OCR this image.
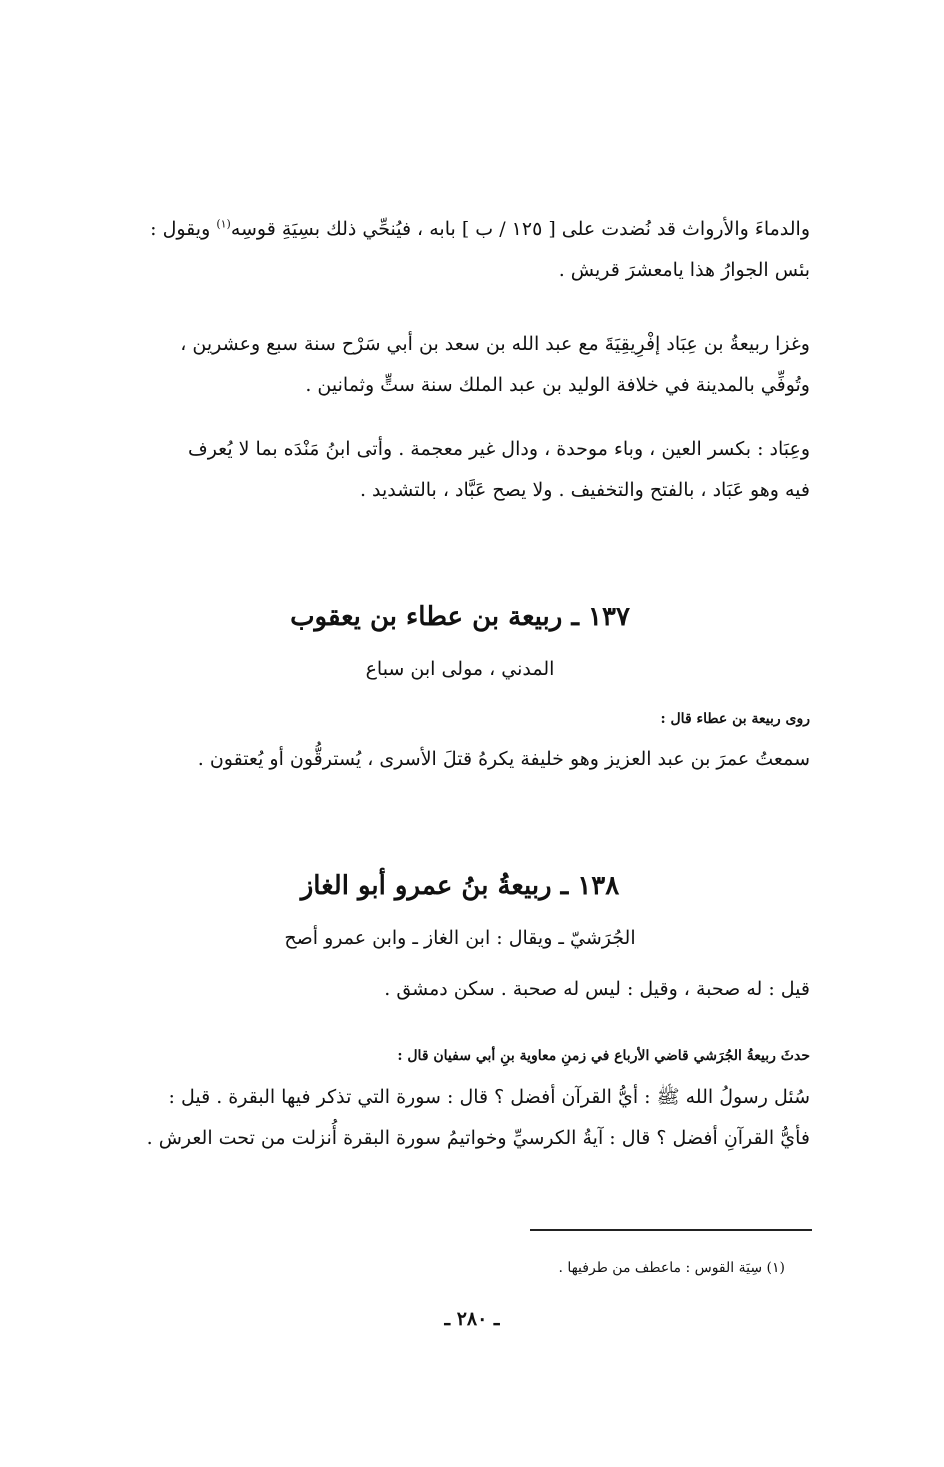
والدماءَ والأرواث قد نُضدت على [ ١٢٥ / ب ] بابه ، فيُنحِّي ذلك بسِيَةِ قوسِه$^{(١)}$ ويقول :

بئس الجوارُ هذا يامعشرَ قريش .

وغزا ربيعةُ بن عِبَاد إفْرِيقِيَةَ مع عبد الله بن سعد بن أبي سَرْح سنة سبع وعشرين ،

وتُوفِّي بالمدينة في خلافة الوليد بن عبد الملك سنة ستٍّ وثمانين .

وعِبَاد : بكسر العين ، وباء موحدة ، ودال غير معجمة . وأتى ابنُ مَنْدَه بما لا يُعرف

فيه وهو عَبَاد ، بالفتح والتخفيف . ولا يصح عَبَّاد ، بالتشديد .

١٣٧ ـ ربيعة بن عطاء بن يعقوب

المدني ، مولى ابن سباع

روى ربيعة بن عطاء قال :

سمعتُ عمرَ بن عبد العزيز وهو خليفة يكرهُ قتلَ الأسرى ، يُسترقُّون أو يُعتقون .

١٣٨ ـ ربيعةُ بنُ عمرو أبو الغاز

الجُرَشيّ ـ ويقال : ابن الغاز ـ وابن عمرو أصح

قيل : له صحبة ، وقيل : ليس له صحبة . سكن دمشق .

حدثَ ربيعةُ الجُرَشي قاضي الأرباع في زمنِ معاوية بنِ أبي سفيان قال :

سُئل رسولُ الله ﷺ : أيُّ القرآن أفضل ؟ قال : سورة التي تذكر فيها البقرة . قيل :

فأيُّ القرآنِ أفضل ؟ قال : آيةُ الكرسيِّ وخواتيمُ سورة البقرة أُنزلت من تحت العرش .

(١) سِيَة القوس : ماعطف من طرفيها .
ـ ٢٨٠ ـ
